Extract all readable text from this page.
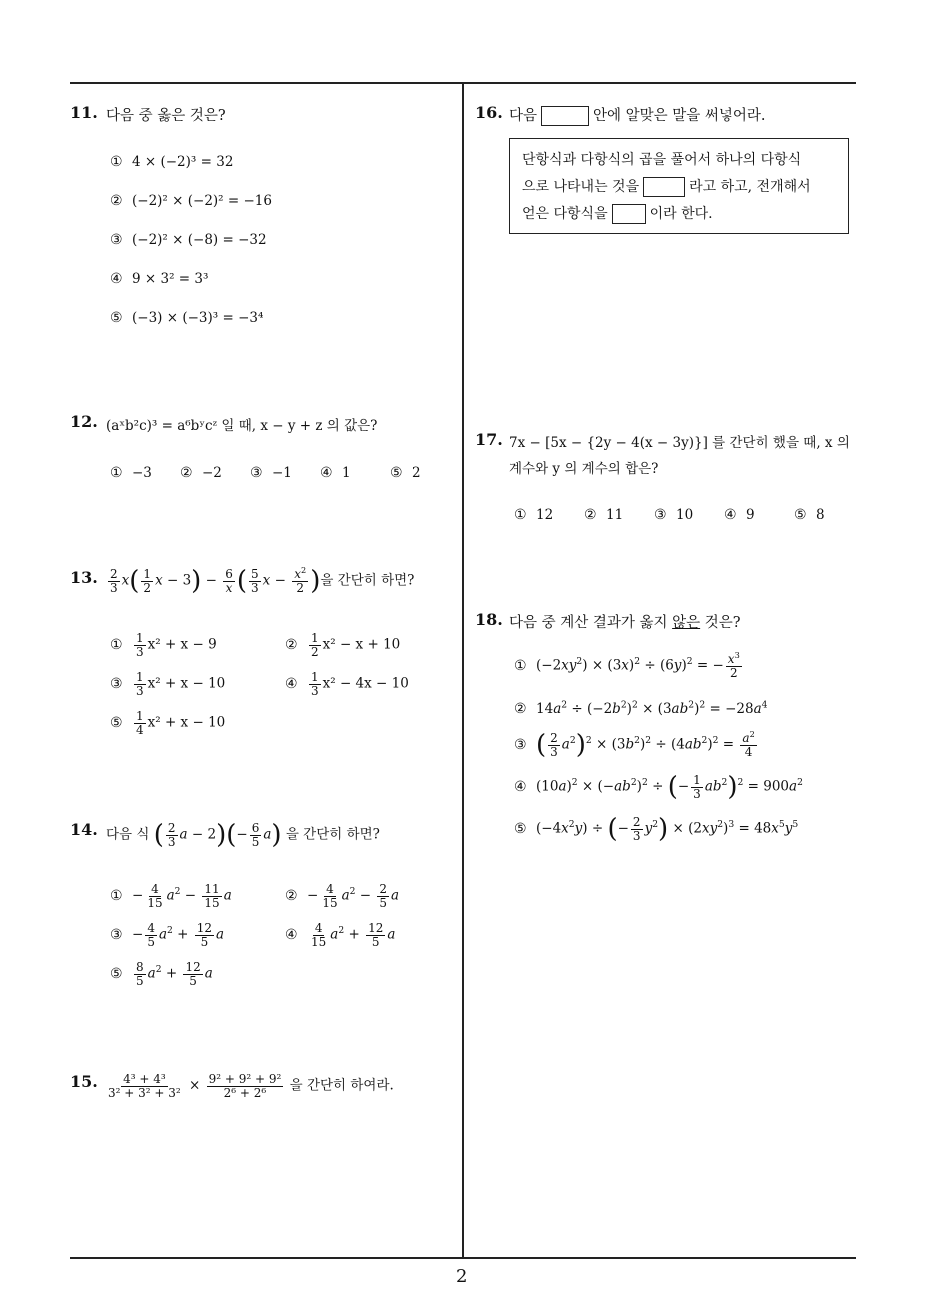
11. 다음 중 옳은 것은?
① 4 × (−2)³ = 32
② (−2)² × (−2)² = −16
③ (−2)² × (−8) = −32
④ 9 × 3² = 3³
⑤ (−3) × (−3)³ = −3⁴
12. (aˣb²c)³ = a⁶bʸcᶻ 일 때, x − y + z 의 값은?
① −3 ② −2 ③ −1 ④ 1	⑤ 2
13. $\frac{2}{3} x( \frac{1}{2}$ $x - 3) - \frac{6}{x}$ ( $\frac{5}{3}$ $x - \frac{x^2}{2}$ )을 간단히 하면?
① $\frac{1}{3} x^2 + x - 9$	② $\frac{1}{2} x^2 - x + 10$
③ $\frac{1}{3} x^2 + x - 10$	④ $\frac{1}{3} x^2 - 4x - 10$
⑤ $\frac{1}{4} x^2 + x - 10$
14. 다음 식 ( $\frac{2}{3}$ $a - 2)(- \frac{6}{5} a)$ 을 간단히 하면?
① − $\frac{4}{15} a^2 - \frac{11}{15}$ a	② − $\frac{4}{15} a^2 - \frac{2}{5}$ a
③ − $\frac{4}{5} a^2 + \frac{12}{5}$ a	④ $\frac{4}{15} a^2 + \frac{12}{5}$ a
⑤ $\frac{8}{5} a^2 + \frac{12}{5}$ a
15. $\frac{\text{4³ + 4³}}{\text{3² + 3² + 3²}} \times \frac{\text{9² + 9² + 9²}}{\text{2⁶ + 2⁶}}$ 을 간단히 하여라.
16. 다음	안에 알맞은 말을 써넣어라.
단항식과 다항식의 곱을 풀어서 하나의 다항식
으로 나타내는 것을	라고 하고, 전개해서
얻은 다항식을	이라 한다.
17. 7x − [5x − {2y − 4(x − 3y)}] 를 간단히 했을 때, x 의
계수와 y 의 계수의 합은?
① 12 ② 11 ③ 10 ④ 9	⑤ 8
18. 다음 중 계산 결과가 옳지 않은 것은?
① $(-2xy^2) \times (3x)^2 \div (6y)^2$ = − $\frac{x^3}{2}$
② $14a^2 \div (-2b^2)^2 \times (3ab^2)^2 = -28a^4$
③ ( $\frac{2}{3} a^2)^2 \times (3b^2)^2 \div (4ab^2)^2 = \frac{a^2}{4}$
④ $(10a)^2 \times (-ab^2)^2$ ÷ (− $\frac{1}{3} ab^2)^2 = 900a^2$
⑤ $(-4x^2y)$ ÷ (− $\frac{2}{3} y^2) \times (2xy^2)^3 = 48x^5y^5$
2
